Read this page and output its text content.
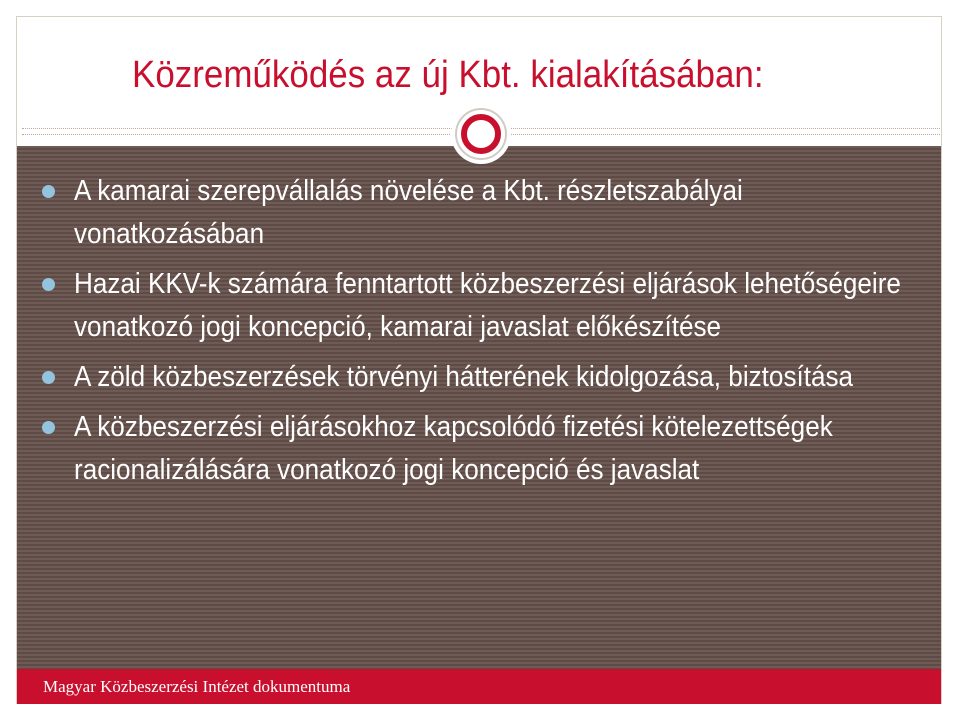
Közreműködés az új Kbt. kialakításában:
A kamarai szerepvállalás növelése a Kbt. részletszabályai vonatkozásában
Hazai KKV-k számára fenntartott közbeszerzési eljárások lehetőségeire vonatkozó jogi koncepció, kamarai javaslat előkészítése
A zöld közbeszerzések törvényi hátterének kidolgozása, biztosítása
A közbeszerzési eljárásokhoz kapcsolódó fizetési kötelezettségek racionalizálására vonatkozó jogi koncepció és javaslat
Magyar Közbeszerzési Intézet dokumentuma
